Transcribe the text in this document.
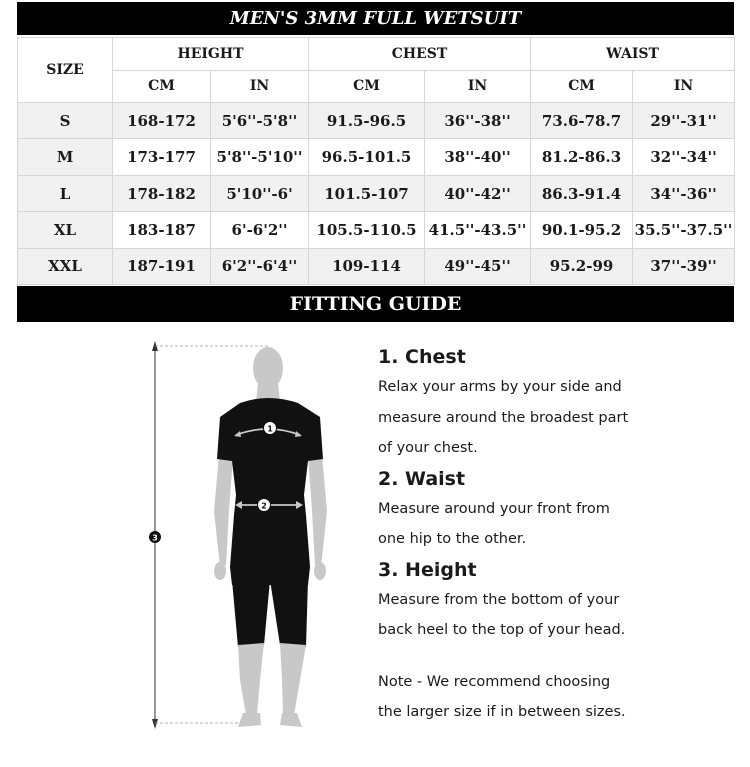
MEN'S 3MM FULL WETSUIT
SIZE	HEIGHT		CHEST		WAIST	
	CM	IN	CM	IN	CM	IN
S	168-172	5'6''-5'8''	91.5-96.5	36''-38''	73.6-78.7	29''-31''
M	173-177	5'8''-5'10''	96.5-101.5	38''-40''	81.2-86.3	32''-34''
L	178-182	5'10''-6'	101.5-107	40''-42''	86.3-91.4	34''-36''
XL	183-187	6'-6'2''	105.5-110.5	41.5''-43.5''	90.1-95.2	35.5''-37.5''
XXL	187-191	6'2''-6'4''	109-114	49''-45''	95.2-99	37''-39''
FITTING GUIDE
3
1
2

1. Chest

Relax your arms by your side and

measure around the broadest part

of your chest.

2. Waist

Measure around your front from

one hip to the other.

3. Height

Measure from the bottom of your

back heel to the top of your head.

Note - We recommend choosing

the larger size if in between sizes.
